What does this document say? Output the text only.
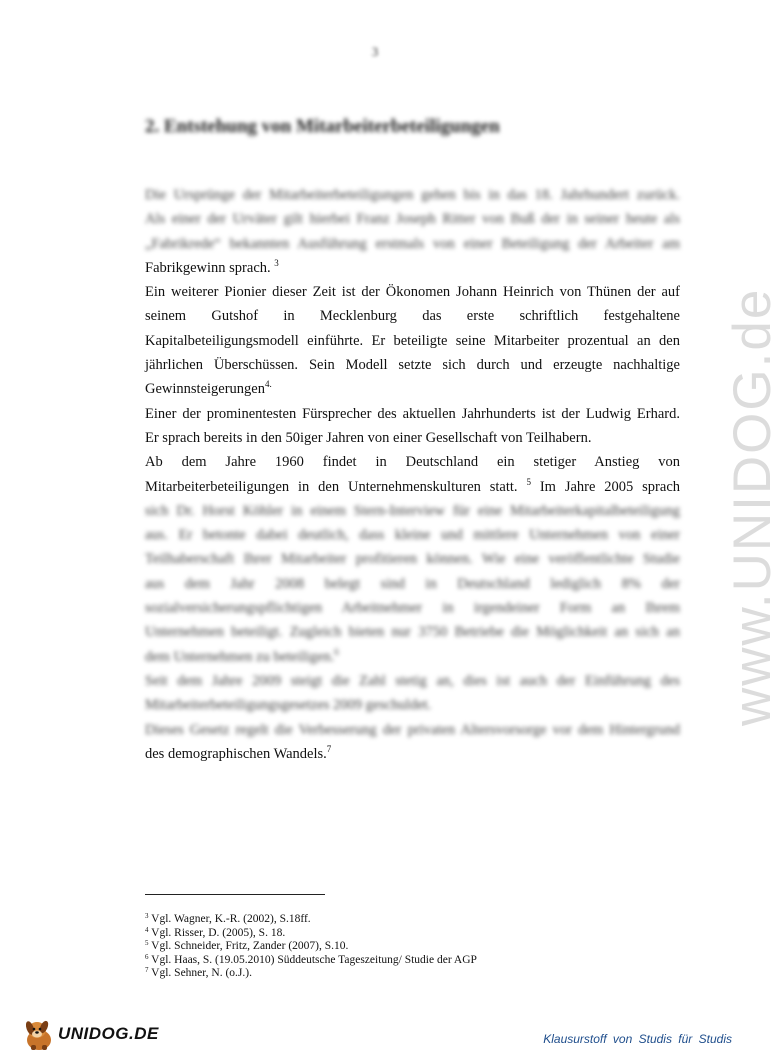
3
2. Entstehung von Mitarbeiterbeteiligungen
Die Ursprünge der Mitarbeiterbeteiligungen gehen bis in das 18. Jahrhundert zurück.
Als einer der Urväter gilt hierbei Franz Joseph Ritter von Buß der in seiner heute als
„Fabrikrede“ bekannten Ausführung erstmals von einer Beteiligung der Arbeiter am
Fabrikgewinn sprach. $^3$
Ein weiterer Pionier dieser Zeit ist der Ökonomen Johann Heinrich von Thünen der auf
seinem Gutshof in Mecklenburg das erste schriftlich festgehaltene
Kapitalbeteiligungsmodell einführte. Er beteiligte seine Mitarbeiter prozentual an den
jährlichen Überschüssen. Sein Modell setzte sich durch und erzeugte nachhaltige
Gewinnsteigerungen$^{4.}$
Einer der prominentesten Fürsprecher des aktuellen Jahrhunderts ist der Ludwig Erhard.
Er sprach bereits in den 50iger Jahren von einer Gesellschaft von Teilhabern.
Ab dem Jahre 1960 findet in Deutschland ein stetiger Anstieg von
Mitarbeiterbeteiligungen in den Unternehmenskulturen statt. $^5$ Im Jahre 2005 sprach
sich Dr. Horst Köhler in einem Stern-Interview für eine Mitarbeiterkapitalbeteiligung
aus. Er betonte dabei deutlich, dass kleine und mittlere Unternehmen von einer
Teilhaberschaft Ihrer Mitarbeiter profitieren können. Wie eine veröffentlichte Studie
aus dem Jahr 2008 belegt sind in Deutschland lediglich 8% der
sozialversicherungspflichtigen Arbeitnehmer in irgendeiner Form an Ihrem
Unternehmen beteiligt. Zugleich bieten nur 3750 Betriebe die Möglichkeit an sich an
dem Unternehmen zu beteiligen.$^6$
Seit dem Jahre 2009 steigt die Zahl stetig an, dies ist auch der Einführung des
Mitarbeiterbeteiligungsgesetzes 2009 geschuldet.
Dieses Gesetz regelt die Verbesserung der privaten Altersvorsorge vor dem Hintergrund
des demographischen Wandels.$^7$
$^3$ Vgl. Wagner, K.-R. (2002), S.18ff.
$^4$ Vgl. Risser, D. (2005), S. 18.
$^5$ Vgl. Schneider, Fritz, Zander (2007), S.10.
$^6$ Vgl. Haas, S. (19.05.2010) Süddeutsche Tageszeitung/ Studie der AGP
$^7$ Vgl. Sehner, N. (o.J.).
www.UNIDOG.de
UNIDOG.DE	Klausurstoff von Studis für Studis
